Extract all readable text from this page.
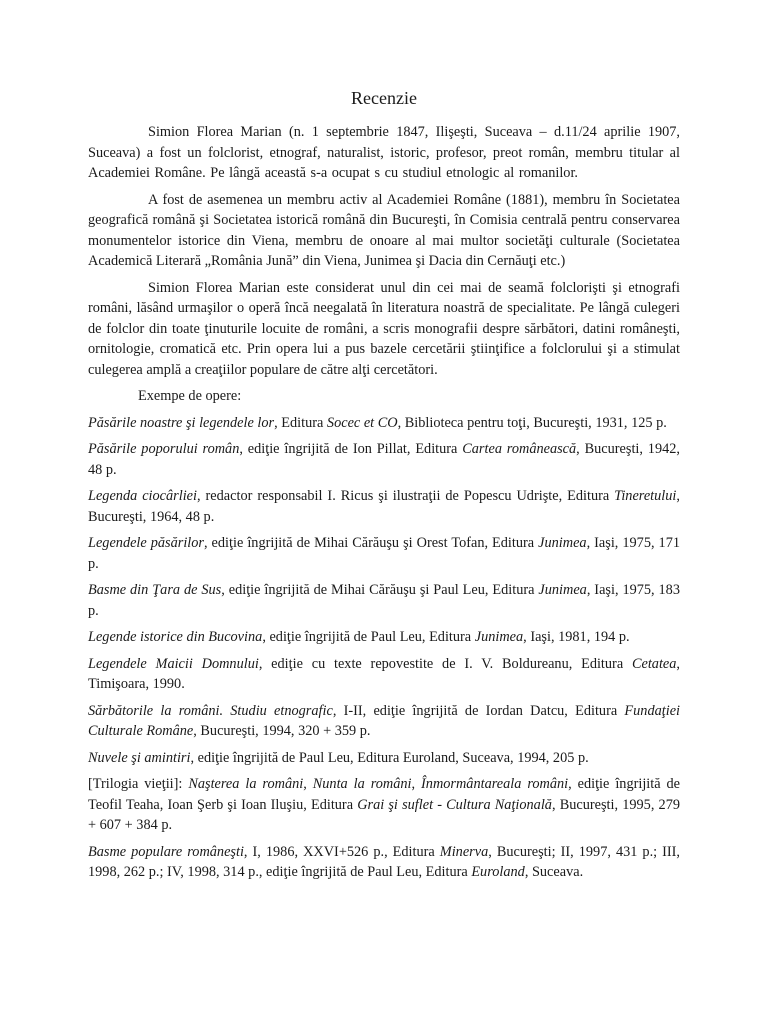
Recenzie

Simion Florea Marian (n. 1 septembrie 1847, Ilişeşti, Suceava – d.11/24 aprilie 1907, Suceava) a fost un folclorist, etnograf, naturalist, istoric, profesor, preot român, membru titular al Academiei Române. Pe lângă această s-a ocupat s cu studiul etnologic al romanilor.

A fost de asemenea un membru activ al Academiei Române (1881), membru în Societatea geografică română şi Societatea istorică română din Bucureşti, în Comisia centrală pentru conservarea monumentelor istorice din Viena, membru de onoare al mai multor societăţi culturale (Societatea Academică Literară „România Jună” din Viena, Junimea şi Dacia din Cernăuţi etc.)

Simion Florea Marian este considerat unul din cei mai de seamă folclorişti şi etnografi români, lăsând urmaşilor o operă încă neegalată în literatura noastră de specialitate. Pe lângă culegeri de folclor din toate ţinuturile locuite de români, a scris monografii despre sărbători, datini româneşti, ornitologie, cromatică etc. Prin opera lui a pus bazele cercetării ştiinţifice a folclorului şi a stimulat culegerea amplă a creaţiilor populare de către alţi cercetători.

Exempe de opere:

Păsările noastre şi legendele lor, Editura Socec et CO, Biblioteca pentru toţi, Bucureşti, 1931, 125 p.

Păsările poporului român, ediţie îngrijită de Ion Pillat, Editura Cartea românească, Bucureşti, 1942, 48 p.

Legenda ciocârliei, redactor responsabil I. Ricus şi ilustraţii de Popescu Udrişte, Editura Tineretului, Bucureşti, 1964, 48 p.

Legendele păsărilor, ediţie îngrijită de Mihai Cărăuşu şi Orest Tofan, Editura Junimea, Iaşi, 1975, 171 p.

Basme din Ţara de Sus, ediţie îngrijită de Mihai Cărăuşu şi Paul Leu, Editura Junimea, Iaşi, 1975, 183 p.

Legende istorice din Bucovina, ediţie îngrijită de Paul Leu, Editura Junimea, Iaşi, 1981, 194 p.

Legendele Maicii Domnului, ediţie cu texte repovestite de I. V. Boldureanu, Editura Cetatea, Timişoara, 1990.

Sărbătorile la români. Studiu etnografic, I-II, ediţie îngrijită de Iordan Datcu, Editura Fundaţiei Culturale Române, Bucureşti, 1994, 320 + 359 p.

Nuvele şi amintiri, ediţie îngrijită de Paul Leu, Editura Euroland, Suceava, 1994, 205 p.

[Trilogia vieţii]: Naşterea la români, Nunta la români, Înmormântareala români, ediţie îngrijită de Teofil Teaha, Ioan Şerb şi Ioan Iluşiu, Editura Grai şi suflet - Cultura Naţională, Bucureşti, 1995, 279 + 607 + 384 p.

Basme populare româneşti, I, 1986, XXVI+526 p., Editura Minerva, Bucureşti; II, 1997, 431 p.; III, 1998, 262 p.; IV, 1998, 314 p., ediţie îngrijită de Paul Leu, Editura Euroland, Suceava.
